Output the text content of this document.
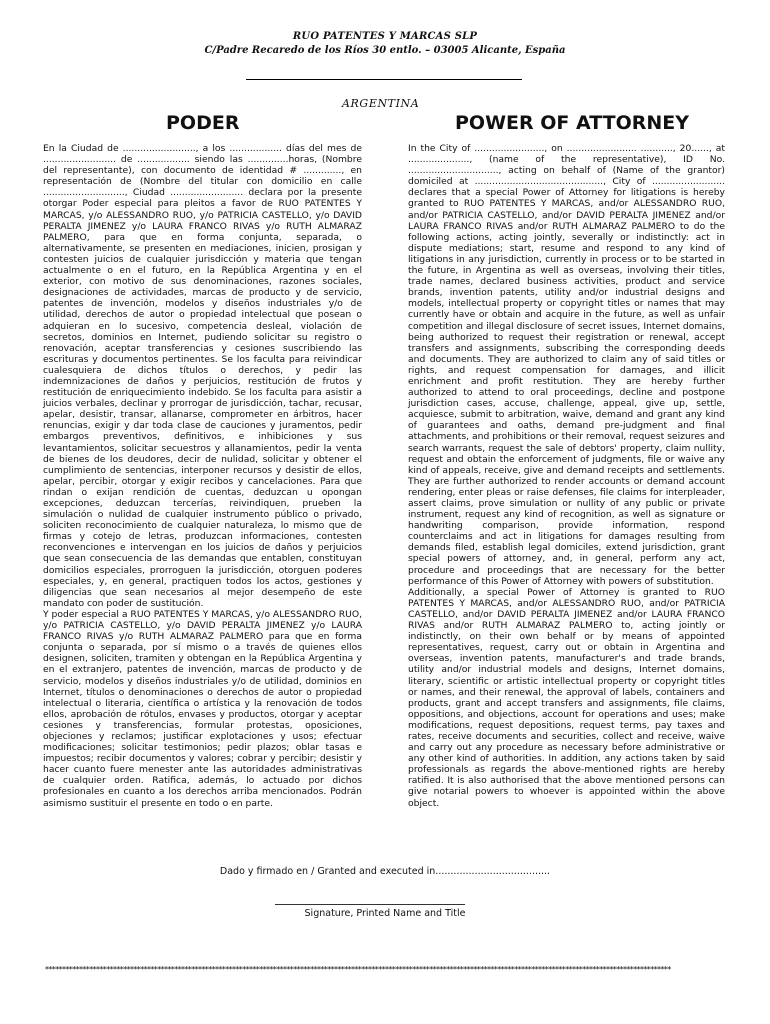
RUO PATENTES Y MARCAS SLP
C/Padre Recaredo de los Ríos 30 entlo. – 03005 Alicante, España
ARGENTINA
PODER	POWER OF ATTORNEY

En la Ciudad de ........................., a los .................. días del mes de ......................... de .................. siendo las ..............horas, (Nombre del representante), con documento de identidad # ............., en representación de (Nombre del titular con domicilio en calle ............................, Ciudad ......................... declara por la presente otorgar Poder especial para pleitos a favor de RUO PATENTES Y MARCAS, y/o ALESSANDRO RUO, y/o PATRICIA CASTELLO, y/o DAVID PERALTA JIMENEZ y/o LAURA FRANCO RIVAS y/o RUTH ALMARAZ PALMERO, para que en forma conjunta, separada, o alternativamente, se presenten en mediaciones, inicien, prosigan y contesten juicios de cualquier jurisdicción y materia que tengan actualmente o en el futuro, en la República Argentina y en el exterior, con motivo de sus denominaciones, razones sociales, designaciones de actividades, marcas de producto y de servicio, patentes de invención, modelos y diseños industriales y/o de utilidad, derechos de autor o propiedad intelectual que posean o adquieran en lo sucesivo, competencia desleal, violación de secretos, dominios en Internet, pudiendo solicitar su registro o renovación, aceptar transferencias y cesiones suscribiendo las escrituras y documentos pertinentes. Se los faculta para reivindicar cualesquiera de dichos títulos o derechos, y pedir las indemnizaciones de daños y perjuicios, restitución de frutos y restitución de enriquecimiento indebido. Se los faculta para asistir a juicios verbales, declinar y prorrogar de jurisdicción, tachar, recusar, apelar, desistir, transar, allanarse, comprometer en árbitros, hacer renuncias, exigir y dar toda clase de cauciones y juramentos, pedir embargos preventivos, definitivos, e inhibiciones y sus levantamientos, solicitar secuestros y allanamientos, pedir la venta de bienes de los deudores, decir de nulidad, solicitar y obtener el cumplimiento de sentencias, interponer recursos y desistir de ellos, apelar, percibir, otorgar y exigir recibos y cancelaciones. Para que rindan o exijan rendición de cuentas, deduzcan u opongan excepciones, deduzcan tercerías, reivindiquen, prueben la simulación o nulidad de cualquier instrumento público o privado, soliciten reconocimiento de cualquier naturaleza, lo mismo que de firmas y cotejo de letras, produzcan informaciones, contesten reconvenciones e intervengan en los juicios de daños y perjuicios que sean consecuencia de las demandas que entablen, constituyan domicilios especiales, prorroguen la jurisdicción, otorguen poderes especiales, y, en general, practiquen todos los actos, gestiones y diligencias que sean necesarios al mejor desempeño de este mandato con poder de sustitución.

Y poder especial a RUO PATENTES Y MARCAS, y/o ALESSANDRO RUO, y/o PATRICIA CASTELLO, y/o DAVID PERALTA JIMENEZ y/o LAURA FRANCO RIVAS y/o RUTH ALMARAZ PALMERO para que en forma conjunta o separada, por sí mismo o a través de quienes ellos designen, soliciten, tramiten y obtengan en la República Argentina y en el extranjero, patentes de invención, marcas de producto y de servicio, modelos y diseños industriales y/o de utilidad, dominios en Internet, títulos o denominaciones o derechos de autor o propiedad intelectual o literaria, científica o artística y la renovación de todos ellos, aprobación de rótulos, envases y productos, otorgar y aceptar cesiones y transferencias, formular protestas, oposiciones, objeciones y reclamos; justificar explotaciones y usos; efectuar modificaciones; solicitar testimonios; pedir plazos; oblar tasas e impuestos; recibir documentos y valores; cobrar y percibir; desistir y hacer cuanto fuere menester ante las autoridades administrativas de cualquier orden. Ratifica, además, lo actuado por dichos profesionales en cuanto a los derechos arriba mencionados. Podrán asimismo sustituir el presente en todo o en parte.

In the City of ........................, on ........................ ..........., 20......, at ....................., (name of the representative), ID No. ..............................., acting on behalf of (Name of the grantor) domiciled at ............................................, City of ......................... declares that a special Power of Attorney for litigations is hereby granted to RUO PATENTES Y MARCAS, and/or ALESSANDRO RUO, and/or PATRICIA CASTELLO, and/or DAVID PERALTA JIMENEZ and/or LAURA FRANCO RIVAS and/or RUTH ALMARAZ PALMERO to do the following actions, acting jointly, severally or indistinctly: act in dispute mediations; start, resume and respond to any kind of litigations in any jurisdiction, currently in process or to be started in the future, in Argentina as well as overseas, involving their titles, trade names, declared business activities, product and service brands, invention patents, utility and/or industrial designs and models, intellectual property or copyright titles or names that may currently have or obtain and acquire in the future, as well as unfair competition and illegal disclosure of secret issues, Internet domains, being authorized to request their registration or renewal, accept transfers and assignments, subscribing the corresponding deeds and documents. They are authorized to claim any of said titles or rights, and request compensation for damages, and illicit enrichment and profit restitution. They are hereby further authorized to attend to oral proceedings, decline and postpone jurisdiction cases, accuse, challenge, appeal, give up, settle, acquiesce, submit to arbitration, waive, demand and grant any kind of guarantees and oaths, demand pre-judgment and final attachments, and prohibitions or their removal, request seizures and search warrants, request the sale of debtors' property, claim nullity, request and obtain the enforcement of judgments, file or waive any kind of appeals, receive, give and demand receipts and settlements. They are further authorized to render accounts or demand account rendering, enter pleas or raise defenses, file claims for interpleader, assert claims, prove simulation or nullity of any public or private instrument, request any kind of recognition, as well as signature or handwriting comparison, provide information, respond counterclaims and act in litigations for damages resulting from demands filed, establish legal domiciles, extend jurisdiction, grant special powers of attorney, and, in general, perform any act, procedure and proceedings that are necessary for the better performance of this Power of Attorney with powers of substitution.

Additionally, a special Power of Attorney is granted to RUO PATENTES Y MARCAS, and/or ALESSANDRO RUO, and/or PATRICIA CASTELLO, and/or DAVID PERALTA JIMENEZ and/or LAURA FRANCO RIVAS and/or RUTH ALMARAZ PALMERO to, acting jointly or indistinctly, on their own behalf or by means of appointed representatives, request, carry out or obtain in Argentina and overseas, invention patents, manufacturer's and trade brands, utility and/or industrial models and designs, Internet domains, literary, scientific or artistic intellectual property or copyright titles or names, and their renewal, the approval of labels, containers and products, grant and accept transfers and assignments, file claims, oppositions, and objections, account for operations and uses; make modifications, request depositions, request terms, pay taxes and rates, receive documents and securities, collect and receive, waive and carry out any procedure as necessary before administrative or any other kind of authorities. In addition, any actions taken by said professionals as regards the above-mentioned rights are hereby ratified. It is also authorised that the above mentioned persons can give notarial powers to whoever is appointed within the above object.

Dado y firmado en / Granted and executed in......................................
Signature, Printed Name and Title
****************************************************************************************************************************************************************************************
